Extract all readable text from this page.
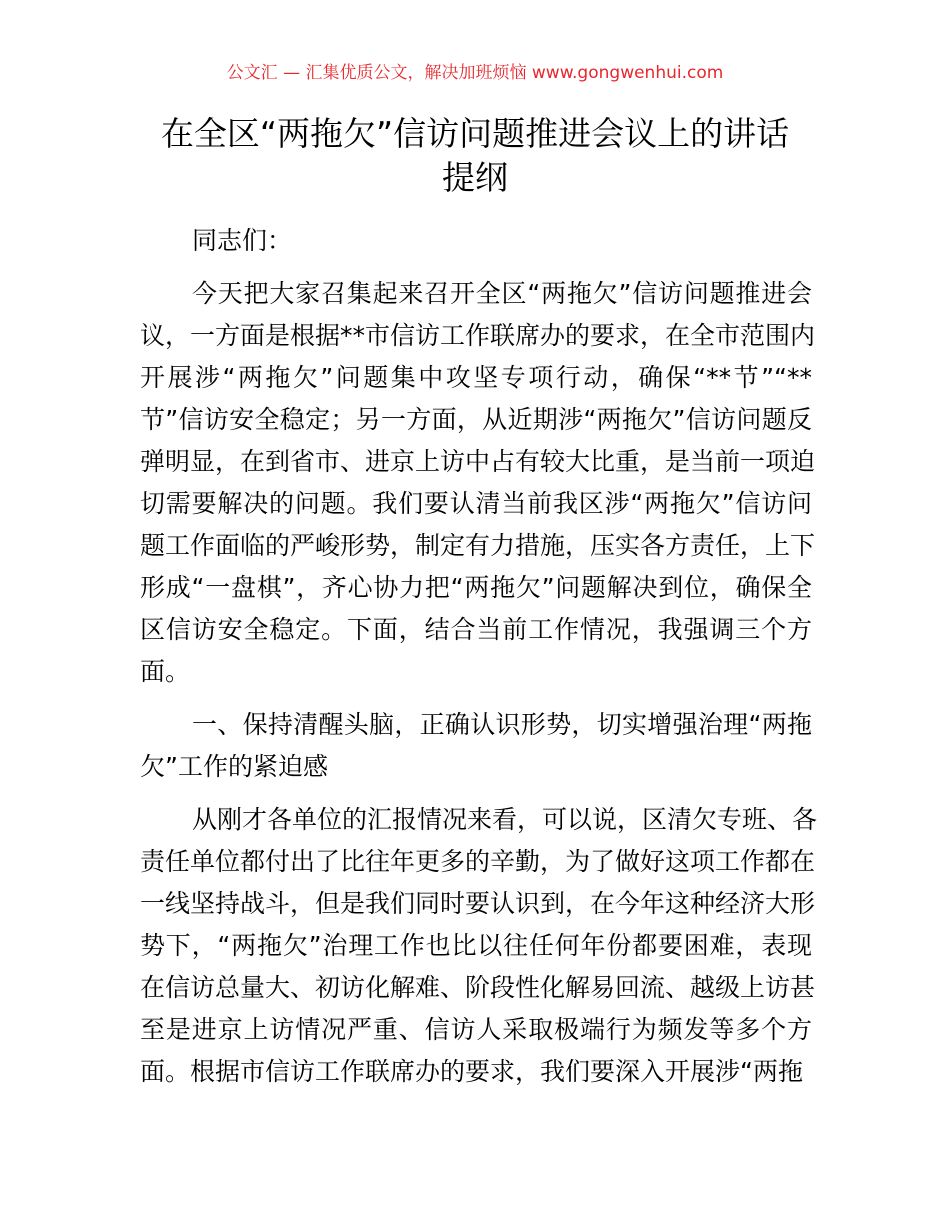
公文汇 — 汇集优质公文，解决加班烦恼 www.gongwenhui.com
在全区“两拖欠”信访问题推进会议上的讲话
提纲
同志们：
今天把大家召集起来召开全区“两拖欠”信访问题推进会
议，一方面是根据**市信访工作联席办的要求，在全市范围内
开展涉“两拖欠”问题集中攻坚专项行动，确保“**节”“**
节”信访安全稳定；另一方面，从近期涉“两拖欠”信访问题反
弹明显，在到省市、进京上访中占有较大比重，是当前一项迫
切需要解决的问题。我们要认清当前我区涉“两拖欠”信访问
题工作面临的严峻形势，制定有力措施，压实各方责任，上下
形成“一盘棋”，齐心协力把“两拖欠”问题解决到位，确保全
区信访安全稳定。下面，结合当前工作情况，我强调三个方
面。
一、保持清醒头脑，正确认识形势，切实增强治理“两拖
欠”工作的紧迫感
从刚才各单位的汇报情况来看，可以说，区清欠专班、各
责任单位都付出了比往年更多的辛勤，为了做好这项工作都在
一线坚持战斗，但是我们同时要认识到，在今年这种经济大形
势下，“两拖欠”治理工作也比以往任何年份都要困难，表现
在信访总量大、初访化解难、阶段性化解易回流、越级上访甚
至是进京上访情况严重、信访人采取极端行为频发等多个方
面。根据市信访工作联席办的要求，我们要深入开展涉“两拖
